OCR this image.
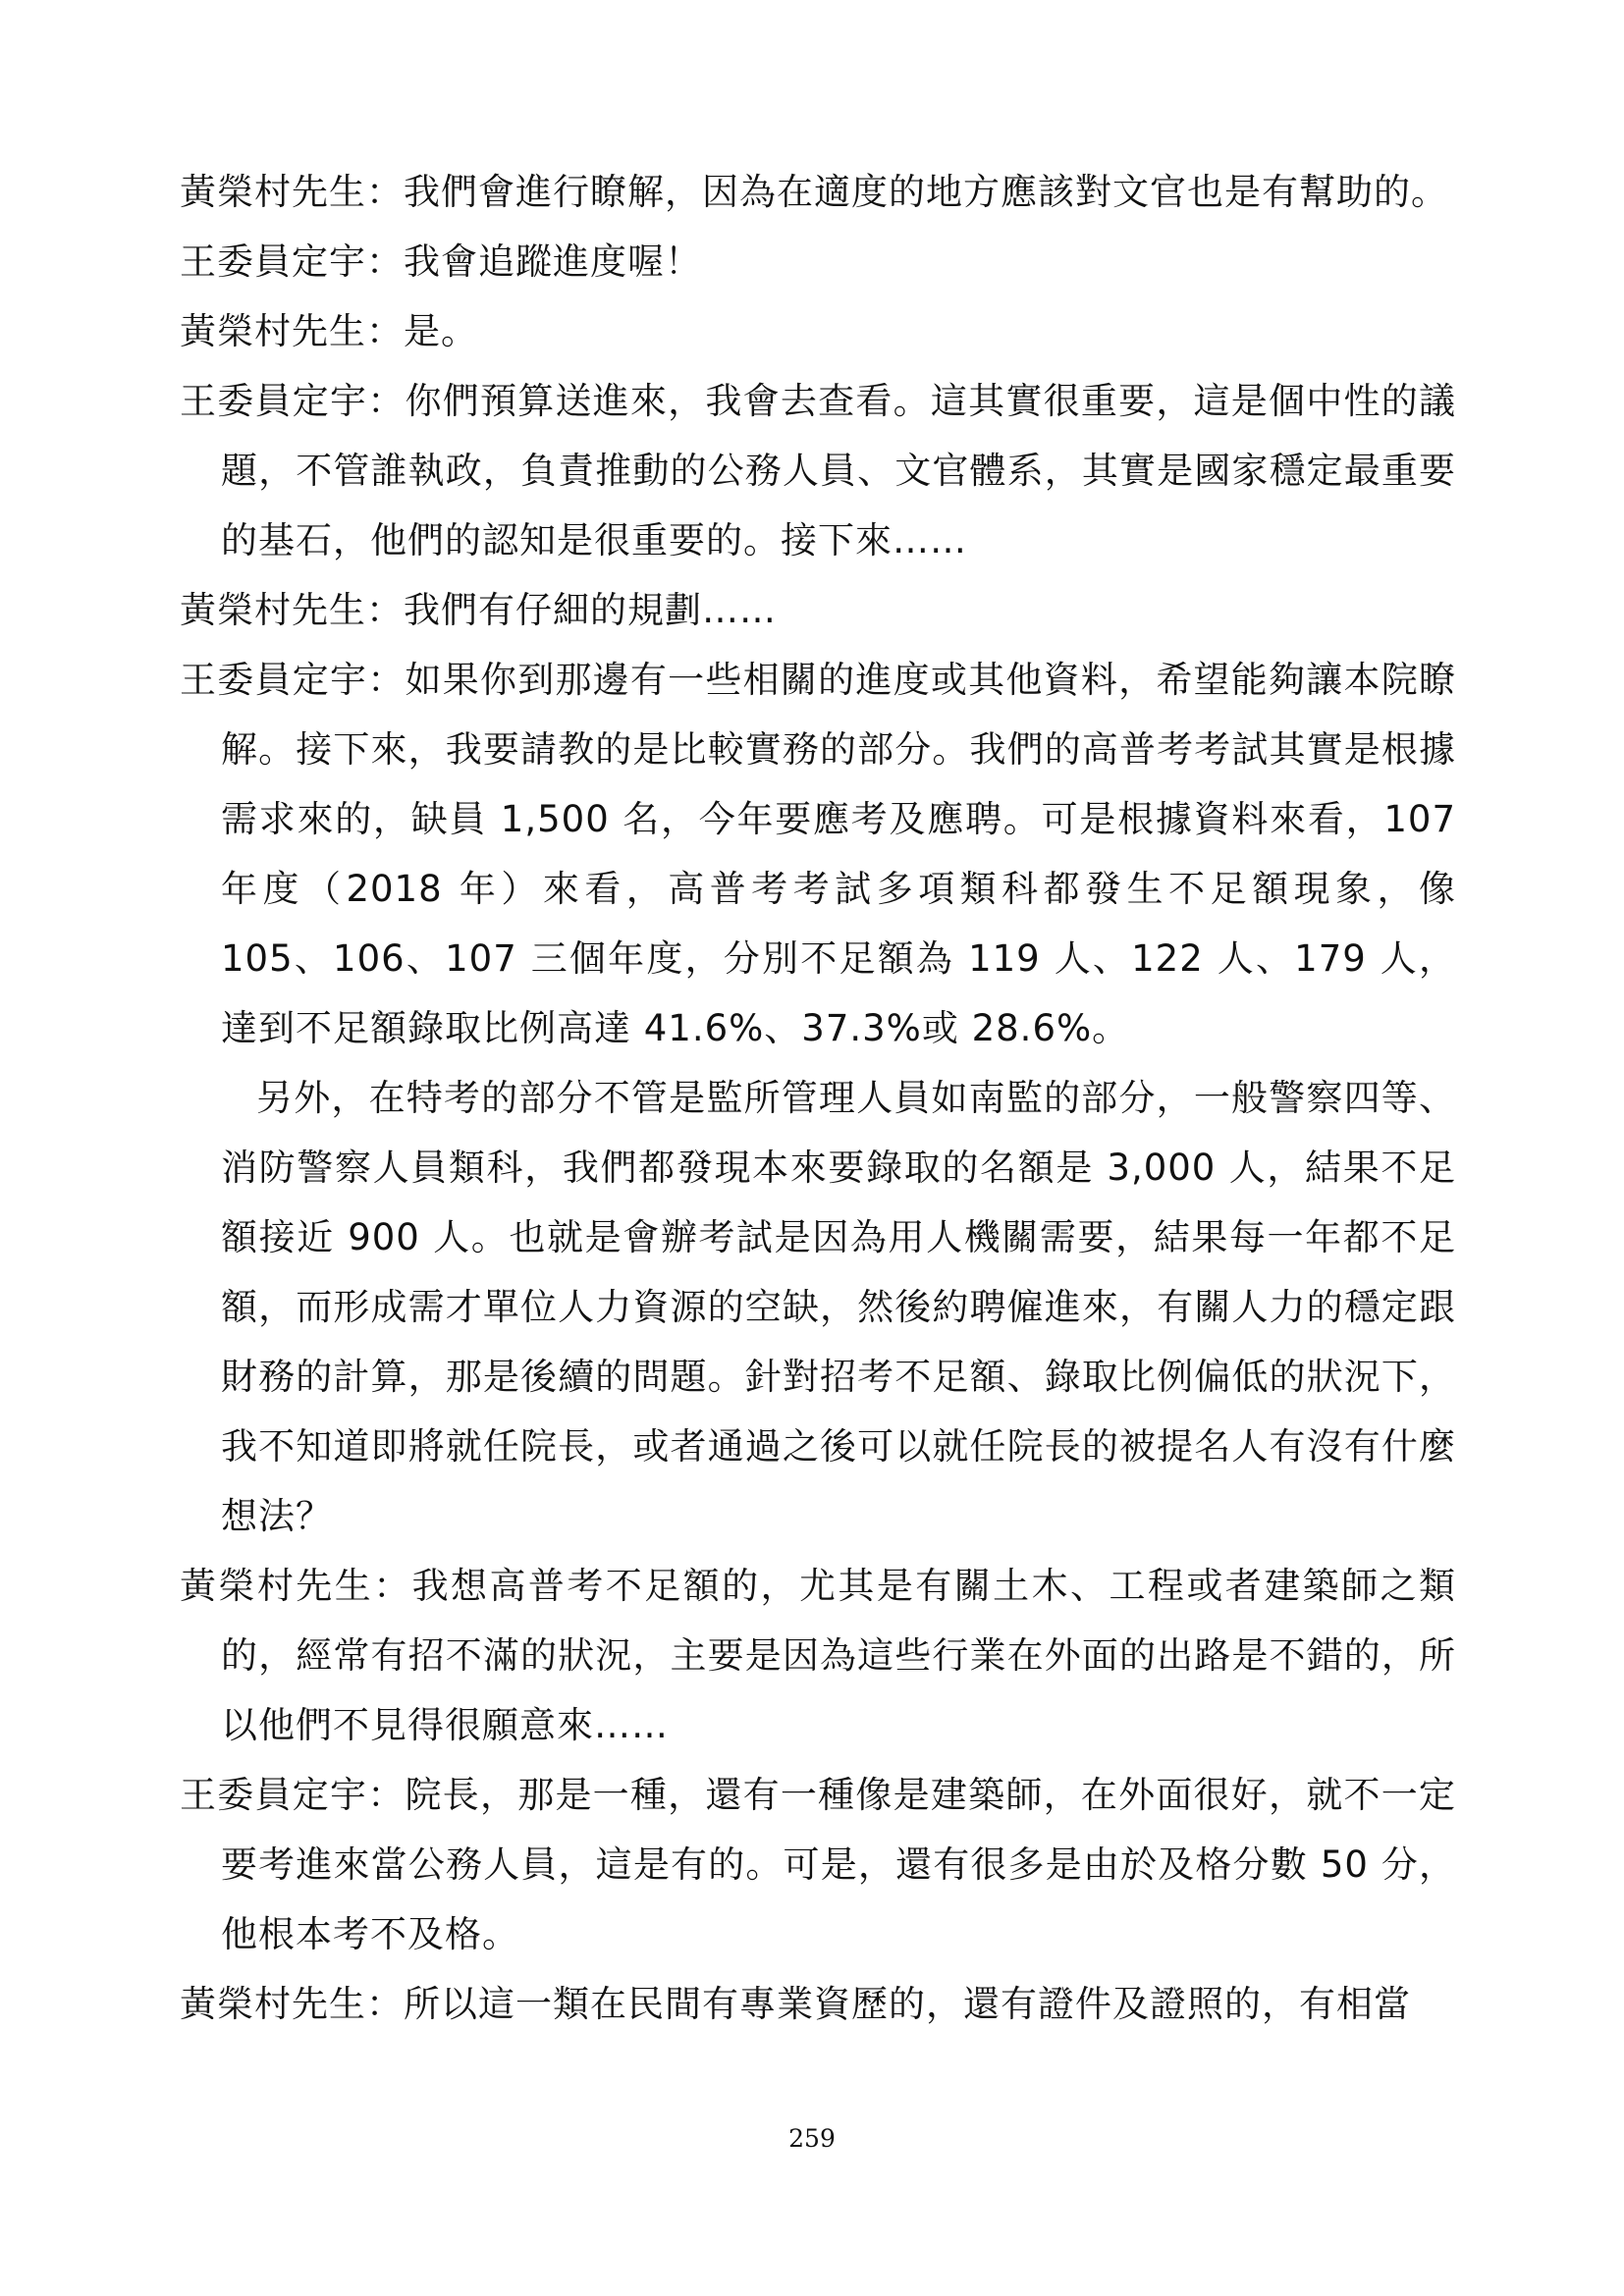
黃榮村先生：我們會進行瞭解，因為在適度的地方應該對文官也是有幫助的。

王委員定宇：我會追蹤進度喔！

黃榮村先生：是。

王委員定宇：你們預算送進來，我會去查看。這其實很重要，這是個中性的議題，不管誰執政，負責推動的公務人員、文官體系，其實是國家穩定最重要的基石，他們的認知是很重要的。接下來……

黃榮村先生：我們有仔細的規劃……

王委員定宇：如果你到那邊有一些相關的進度或其他資料，希望能夠讓本院瞭解。接下來，我要請教的是比較實務的部分。我們的高普考考試其實是根據需求來的，缺員 1,500 名，今年要應考及應聘。可是根據資料來看，107 年度（2018 年）來看，高普考考試多項類科都發生不足額現象，像 105、106、107 三個年度，分別不足額為 119 人、122 人、179 人，達到不足額錄取比例高達 41.6%、37.3%或 28.6%。

另外，在特考的部分不管是監所管理人員如南監的部分，一般警察四等、消防警察人員類科，我們都發現本來要錄取的名額是 3,000 人，結果不足額接近 900 人。也就是會辦考試是因為用人機關需要，結果每一年都不足額，而形成需才單位人力資源的空缺，然後約聘僱進來，有關人力的穩定跟財務的計算，那是後續的問題。針對招考不足額、錄取比例偏低的狀況下，我不知道即將就任院長，或者通過之後可以就任院長的被提名人有沒有什麼想法？

黃榮村先生：我想高普考不足額的，尤其是有關土木、工程或者建築師之類的，經常有招不滿的狀況，主要是因為這些行業在外面的出路是不錯的，所以他們不見得很願意來……

王委員定宇：院長，那是一種，還有一種像是建築師，在外面很好，就不一定要考進來當公務人員，這是有的。可是，還有很多是由於及格分數 50 分，他根本考不及格。

黃榮村先生：所以這一類在民間有專業資歷的，還有證件及證照的，有相當

259
